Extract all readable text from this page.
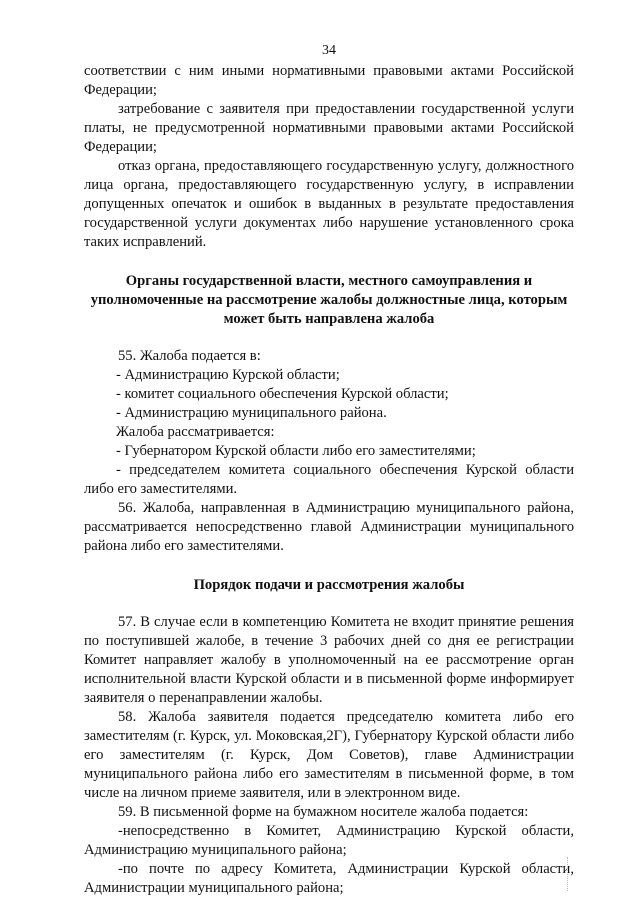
34

соответствии с ним иными нормативными правовыми актами Российской Федерации;

затребование с заявителя при предоставлении государственной услуги платы, не предусмотренной нормативными правовыми актами Российской Федерации;

отказ органа, предоставляющего государственную услугу, должностного лица органа, предоставляющего государственную услугу, в исправлении допущенных опечаток и ошибок в выданных в результате предоставления государственной услуги документах либо нарушение установленного срока таких исправлений.

Органы государственной власти, местного самоуправления и уполномоченные на рассмотрение жалобы должностные лица, которым может быть направлена жалоба

55. Жалоба подается в:

- Администрацию Курской области;

- комитет социального обеспечения Курской области;

- Администрацию муниципального района.

Жалоба рассматривается:

- Губернатором Курской области либо его заместителями;

- председателем комитета социального обеспечения Курской области либо его заместителями.

56. Жалоба, направленная в Администрацию муниципального района, рассматривается непосредственно главой Администрации муниципального района либо его заместителями.

Порядок подачи и рассмотрения жалобы

57. В случае если в компетенцию Комитета не входит принятие решения по поступившей жалобе, в течение 3 рабочих дней со дня ее регистрации Комитет направляет жалобу в уполномоченный на ее рассмотрение орган исполнительной власти Курской области и в письменной форме информирует заявителя о перенаправлении жалобы.

58. Жалоба заявителя подается председателю комитета либо его заместителям (г. Курск, ул. Моковская,2Г), Губернатору Курской области либо его заместителям (г. Курск, Дом Советов), главе Администрации муниципального района либо его заместителям в письменной форме, в том числе на личном приеме заявителя, или в электронном виде.

59. В письменной форме на бумажном носителе жалоба подается:

-непосредственно в Комитет, Администрацию Курской области, Администрацию муниципального района;

-по почте по адресу Комитета, Администрации Курской области, Администрации муниципального района;
